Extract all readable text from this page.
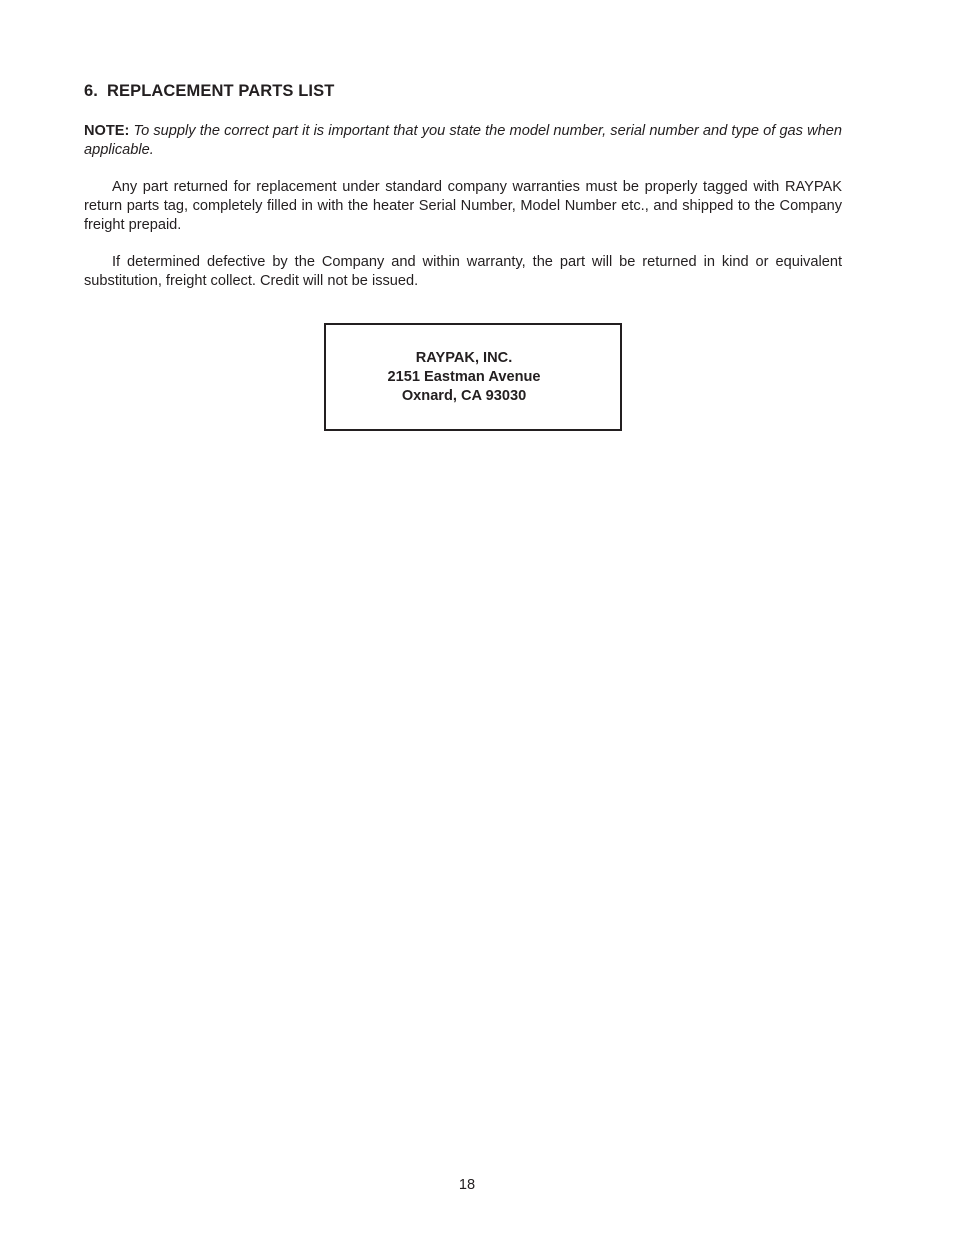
6. REPLACEMENT PARTS LIST

NOTE: To supply the correct part it is important that you state the model number, serial number and type of gas when applicable.

Any part returned for replacement under standard company warranties must be properly tagged with RAYPAK return parts tag, completely filled in with the heater Serial Number, Model Number etc., and shipped to the Company freight prepaid.

If determined defective by the Company and within warranty, the part will be returned in kind or equivalent substitution, freight collect. Credit will not be issued.

RAYPAK, INC.
2151 Eastman Avenue
Oxnard, CA 93030
18
